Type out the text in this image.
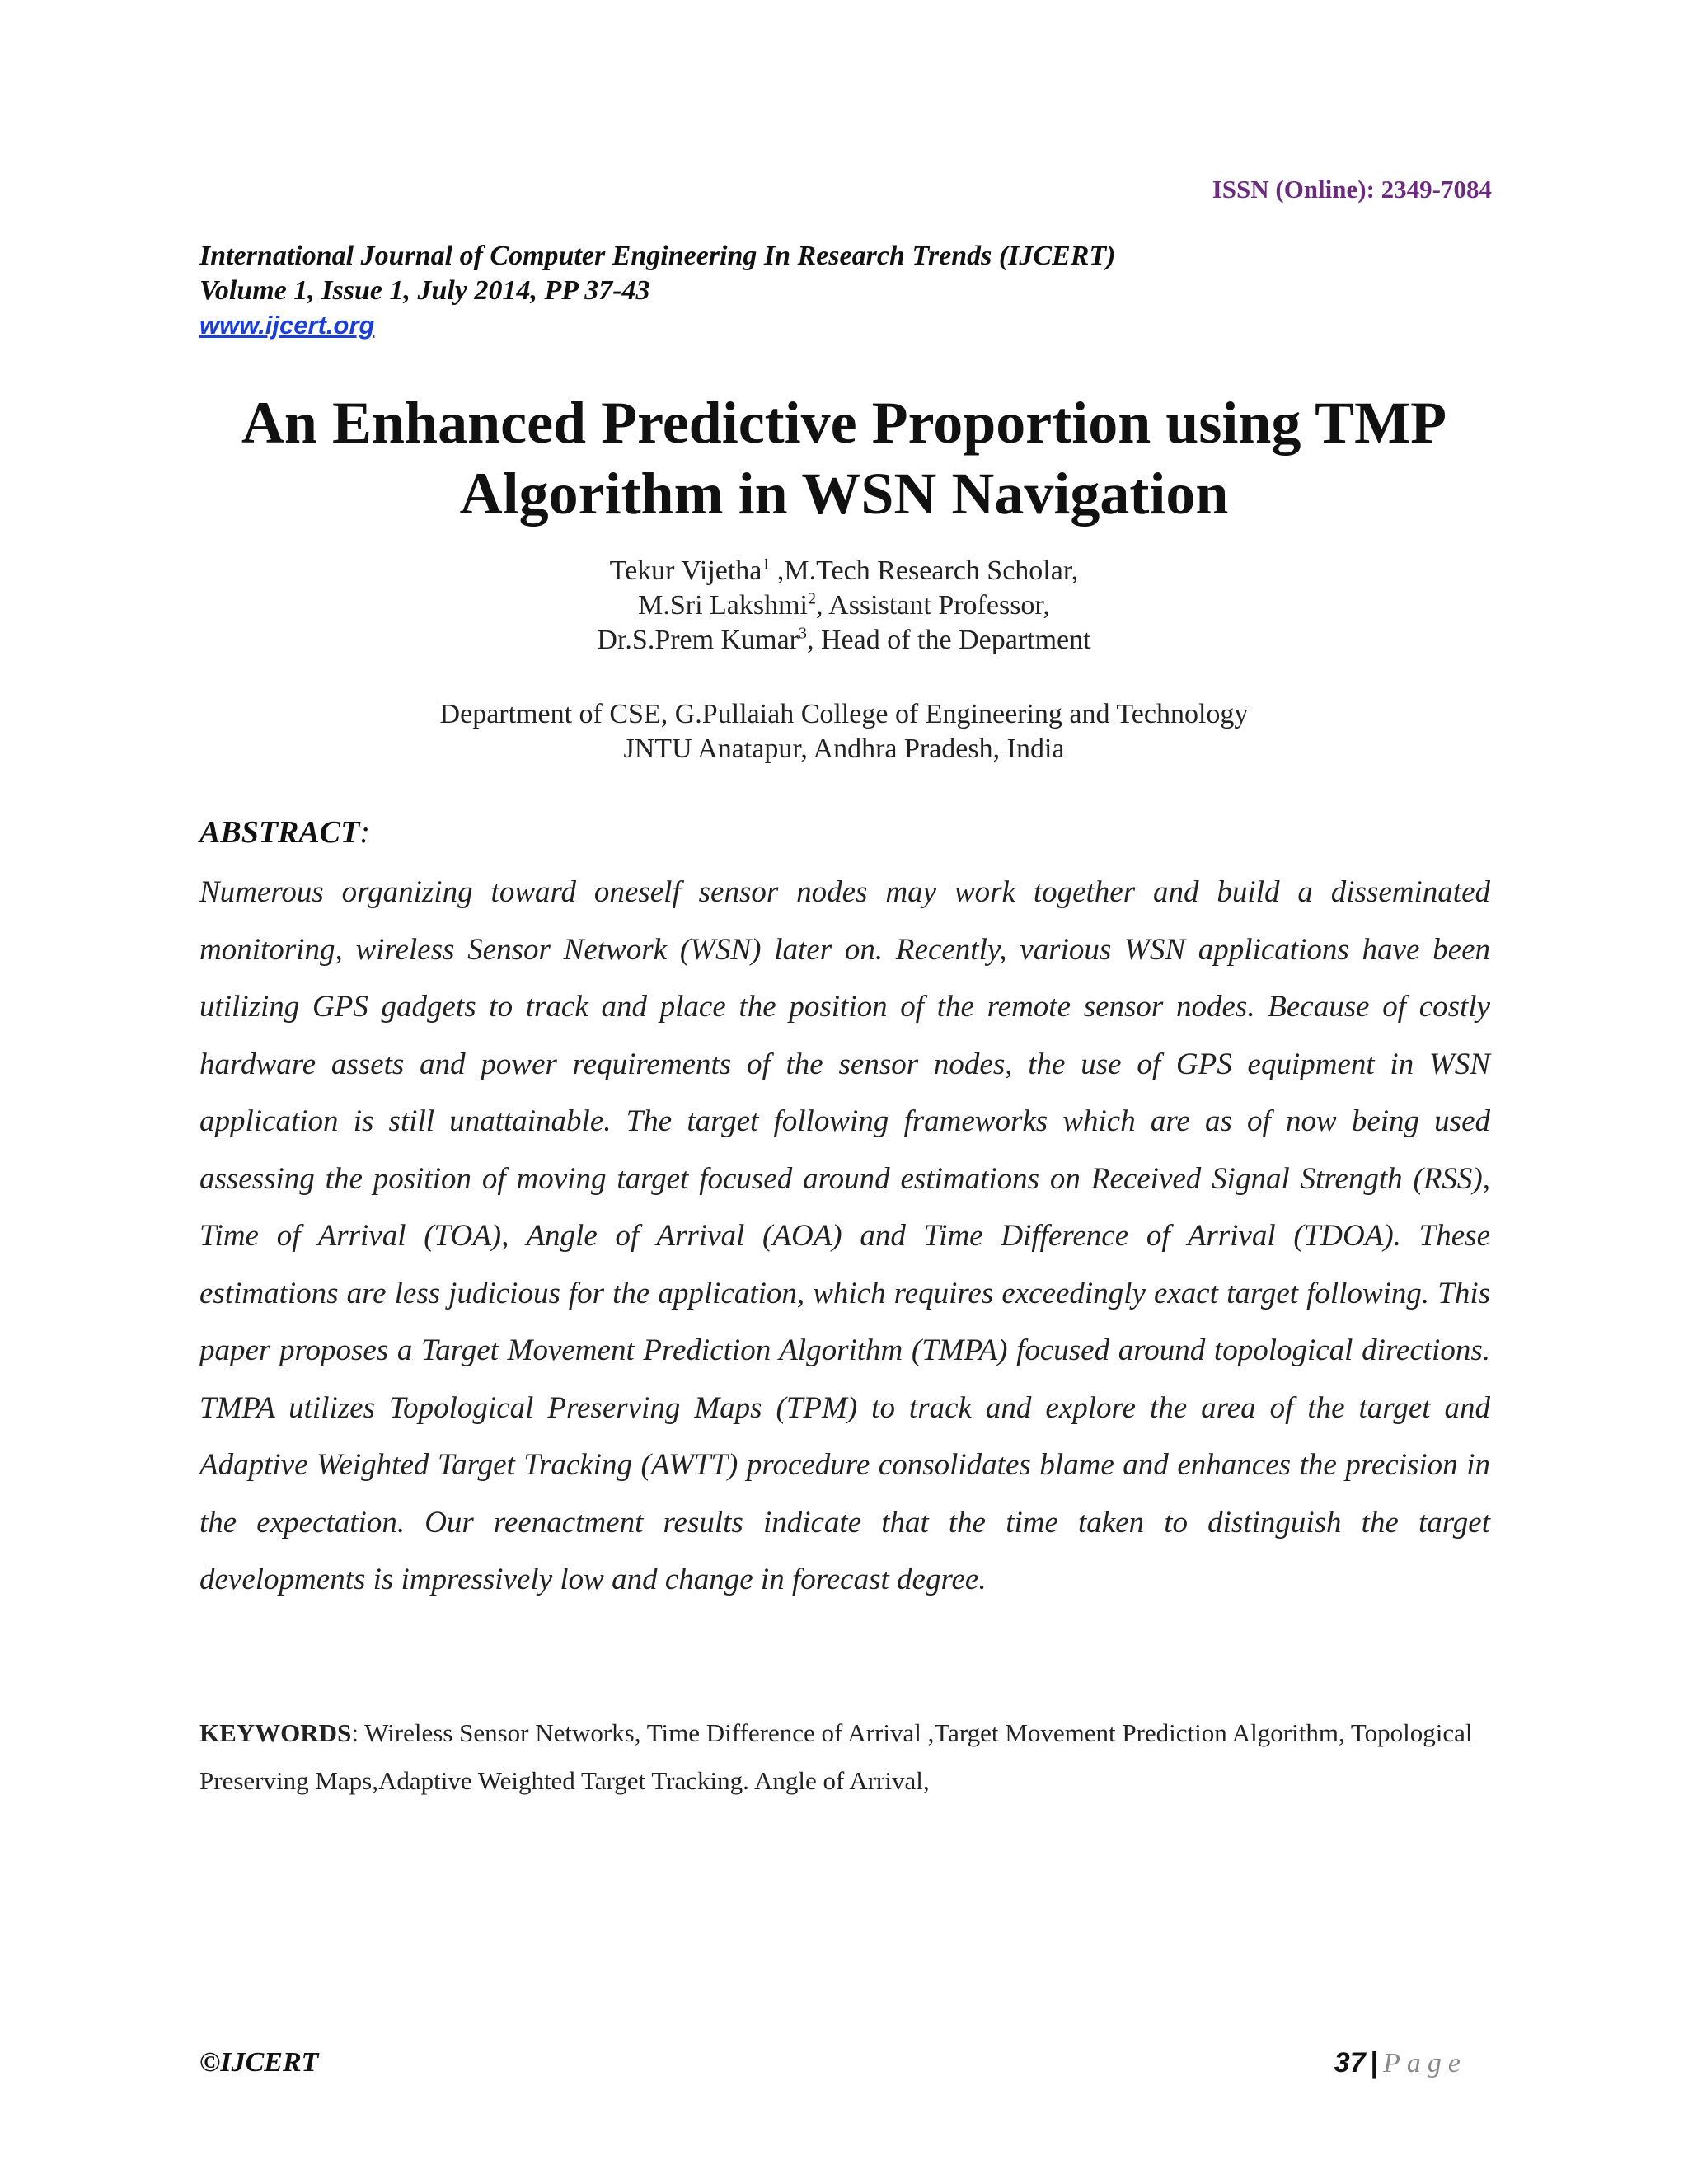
ISSN (Online): 2349-7084
International Journal of Computer Engineering In Research Trends (IJCERT)
Volume 1, Issue 1, July 2014, PP 37-43
www.ijcert.org
An Enhanced Predictive Proportion using TMP
Algorithm in WSN Navigation
Tekur Vijetha$^1$ ,M.Tech Research Scholar,
M.Sri Lakshmi$^2$, Assistant Professor,
Dr.S.Prem Kumar$^3$, Head of the Department
Department of CSE, G.Pullaiah College of Engineering and Technology
JNTU Anatapur, Andhra Pradesh, India
ABSTRACT:
Numerous organizing toward oneself sensor nodes may work together and build a disseminated monitoring, wireless Sensor Network (WSN) later on. Recently, various WSN applications have been utilizing GPS gadgets to track and place the position of the remote sensor nodes. Because of costly hardware assets and power requirements of the sensor nodes, the use of GPS equipment in WSN application is still unattainable. The target following frameworks which are as of now being used assessing the position of moving target focused around estimations on Received Signal Strength (RSS), Time of Arrival (TOA), Angle of Arrival (AOA) and Time Difference of Arrival (TDOA). These estimations are less judicious for the application, which requires exceedingly exact target following. This paper proposes a Target Movement Prediction Algorithm (TMPA) focused around topological directions. TMPA utilizes Topological Preserving Maps (TPM) to track and explore the area of the target and Adaptive Weighted Target Tracking (AWTT) procedure consolidates blame and enhances the precision in the expectation. Our reenactment results indicate that the time taken to distinguish the target developments is impressively low and change in forecast degree.
KEYWORDS: Wireless Sensor Networks, Time Difference of Arrival ,Target Movement Prediction Algorithm, Topological Preserving Maps,Adaptive Weighted Target Tracking. Angle of Arrival,
©IJCERT	37 | Page
